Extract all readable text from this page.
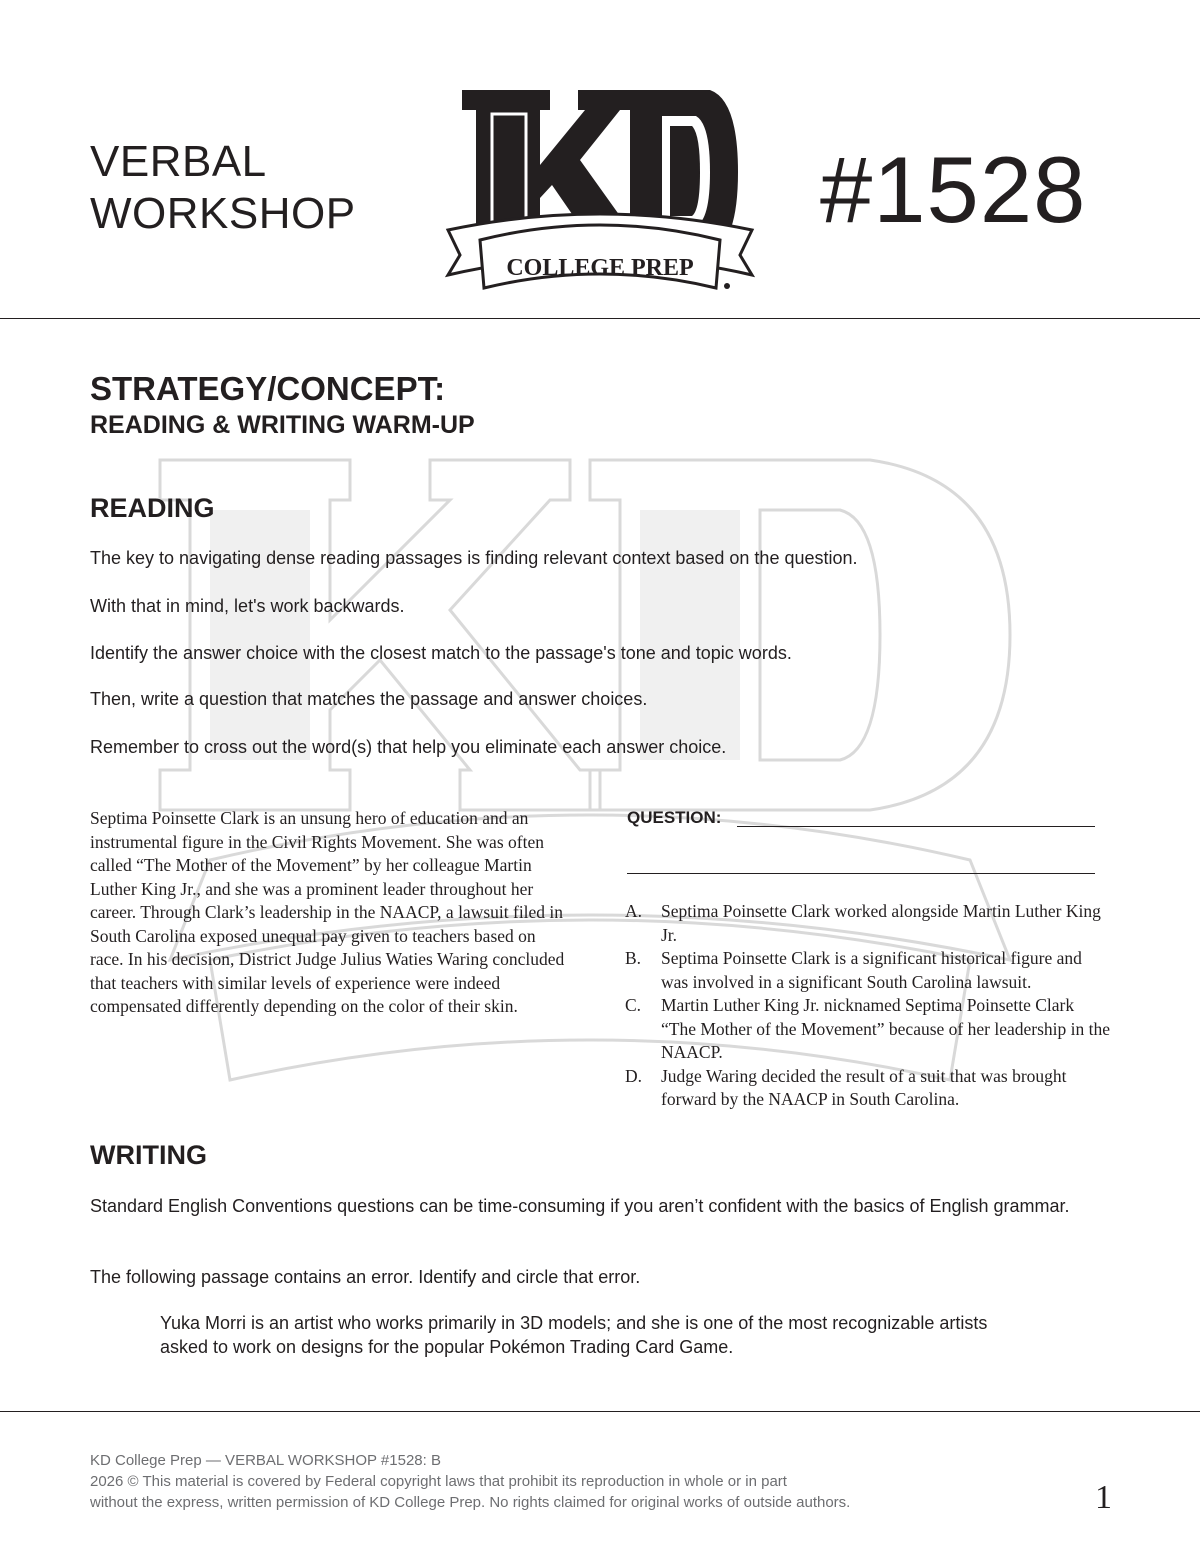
VERBAL
WORKSHOP
COLLEGE PREP
#1528
STRATEGY/CONCEPT:
READING & WRITING WARM-UP
READING
The key to navigating dense reading passages is finding relevant context based on the question.
With that in mind, let's work backwards.
Identify the answer choice with the closest match to the passage's tone and topic words.
Then, write a question that matches the passage and answer choices.
Remember to cross out the word(s) that help you eliminate each answer choice.
Septima Poinsette Clark is an unsung hero of education and an instrumental figure in the Civil Rights Movement. She was often called “The Mother of the Movement” by her colleague Martin Luther King Jr., and she was a prominent leader throughout her career. Through Clark’s leadership in the NAACP, a lawsuit filed in South Carolina exposed unequal pay given to teachers based on race. In his decision, District Judge Julius Waties Waring concluded that teachers with similar levels of experience were indeed compensated differently depending on the color of their skin.
QUESTION:
A.	Septima Poinsette Clark worked alongside Martin Luther King Jr.
B.	Septima Poinsette Clark is a significant historical figure and was involved in a significant South Carolina lawsuit.
C.	Martin Luther King Jr. nicknamed Septima Poinsette Clark “The Mother of the Movement” because of her leadership in the NAACP.
D.	Judge Waring decided the result of a suit that was brought forward by the NAACP in South Carolina.
WRITING
Standard English Conventions questions can be time-consuming if you aren’t confident with the basics of English grammar.
The following passage contains an error. Identify and circle that error.
Yuka Morri is an artist who works primarily in 3D models; and she is one of the most recognizable artists asked to work on designs for the popular Pokémon Trading Card Game.
KD College Prep — VERBAL WORKSHOP #1528: B
2026 © This material is covered by Federal copyright laws that prohibit its reproduction in whole or in part
without the express, written permission of KD College Prep. No rights claimed for original works of outside authors.	1
